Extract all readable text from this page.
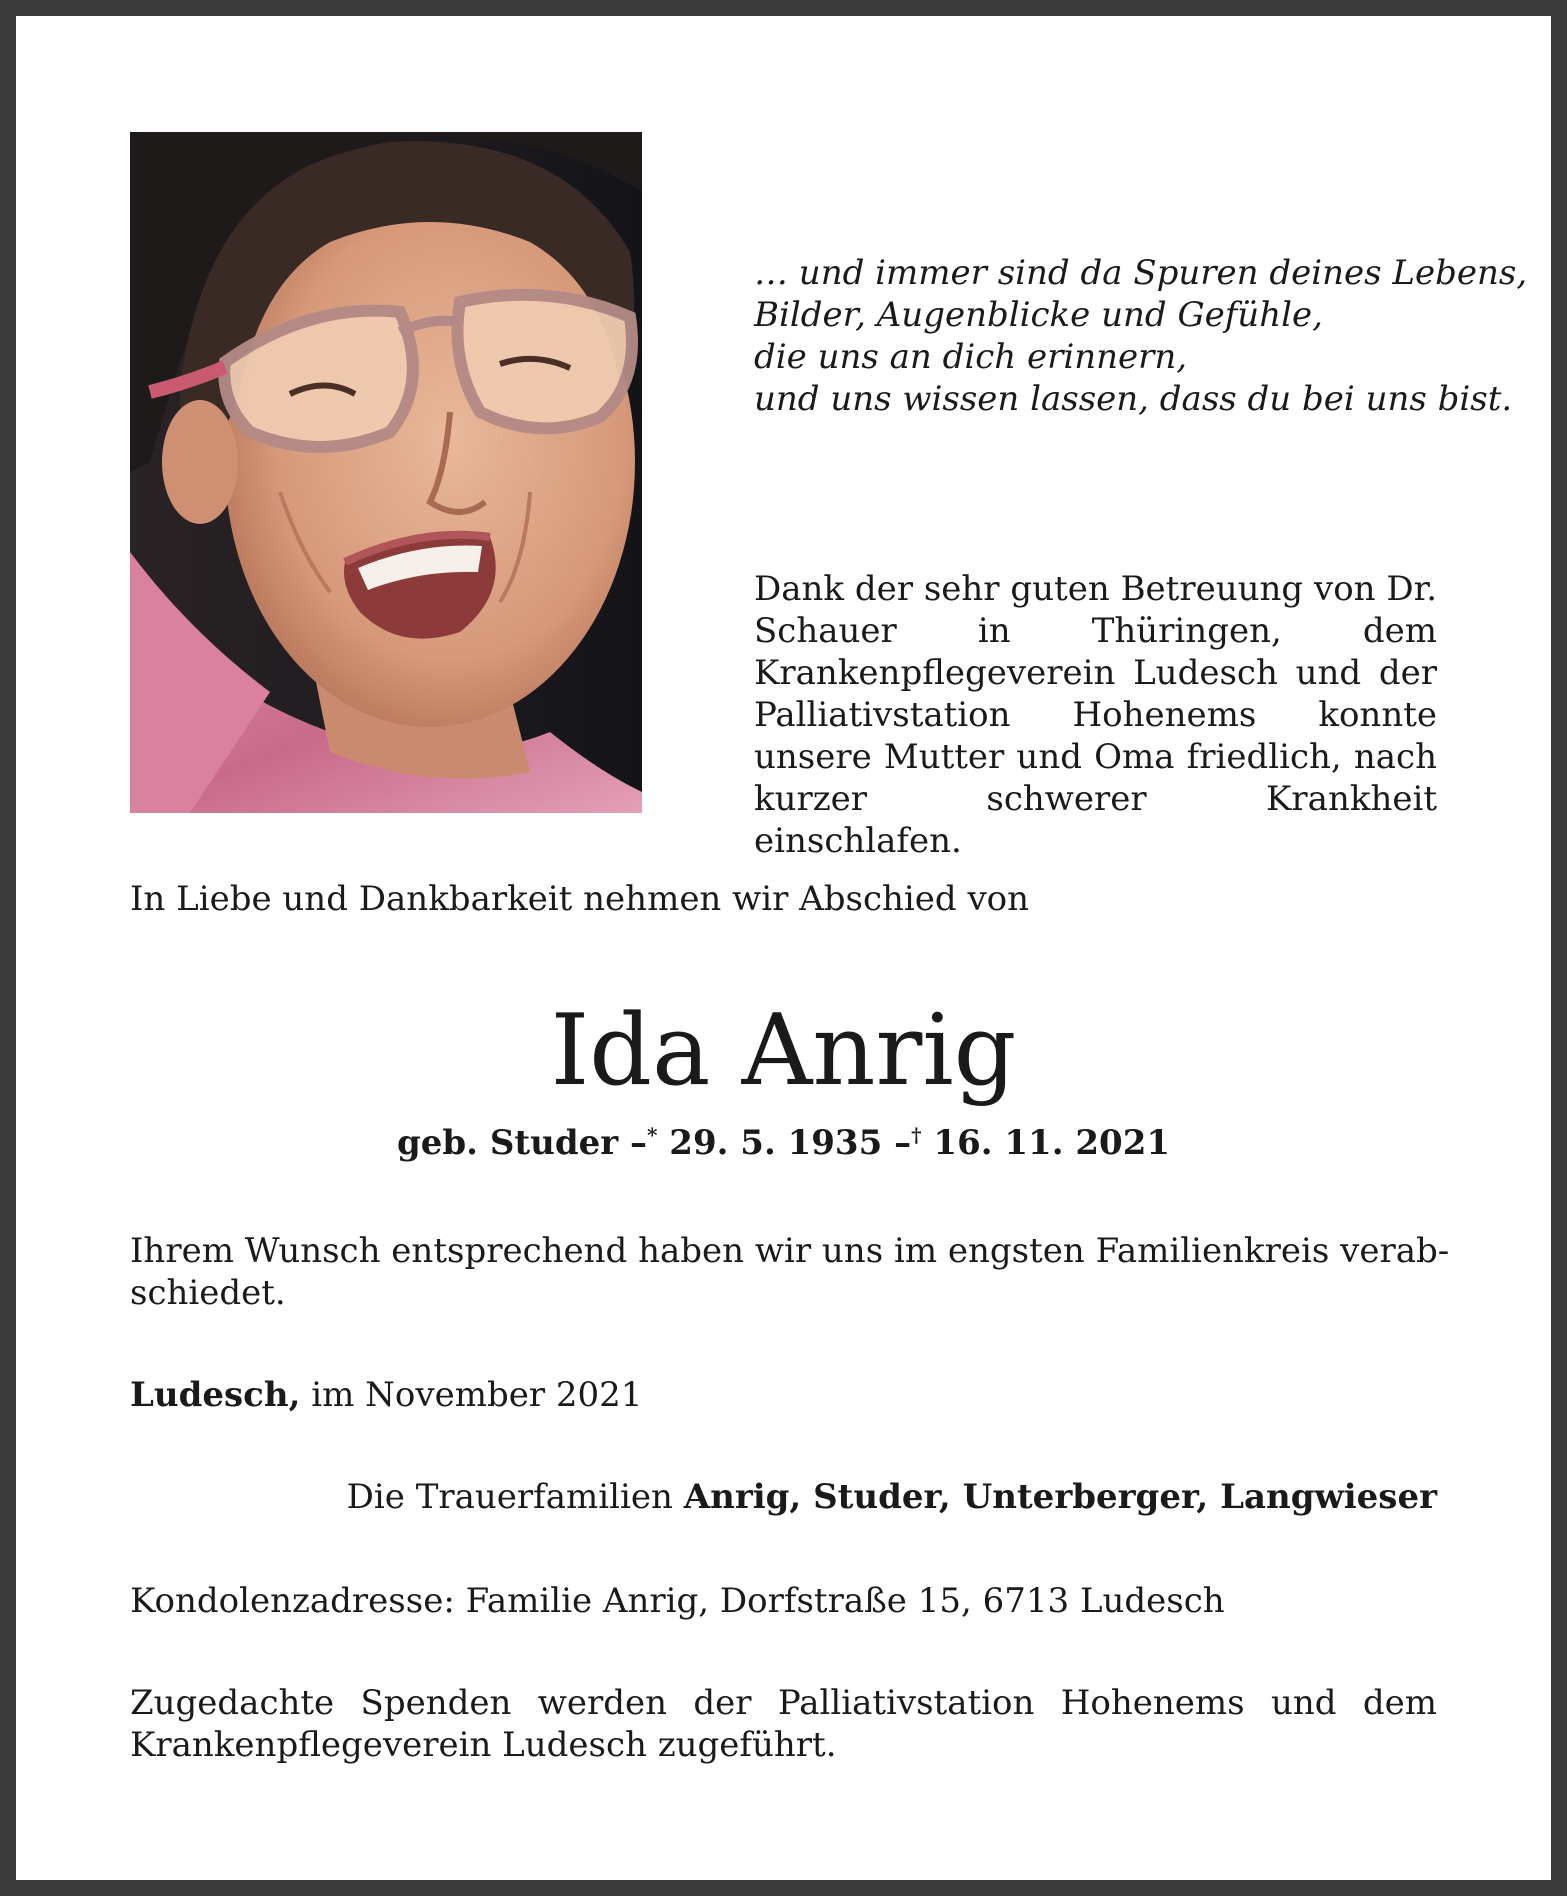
… und immer sind da Spuren deines Lebens,
Bilder, Augenblicke und Gefühle,
die uns an dich erinnern,
und uns wissen lassen, dass du bei uns bist.

Dank der sehr guten Betreuung von Dr. Schauer in Thüringen, dem Krankenpflegeverein Ludesch und der Palliativstation Hohenems konnte unsere Mutter und Oma friedlich, nach kurzer schwerer Krankheit einschlafen.

In Liebe und Dankbarkeit nehmen wir Abschied von

Ida Anrig

geb. Studer –* 29. 5. 1935 –† 16. 11. 2021

Ihrem Wunsch entsprechend haben wir uns im engsten Familienkreis verab-
schiedet.

Ludesch, im November 2021

Die Trauerfamilien Anrig, Studer, Unterberger, Langwieser

Kondolenzadresse: Familie Anrig, Dorfstraße 15, 6713 Ludesch

Zugedachte Spenden werden der Palliativstation Hohenems und dem
Krankenpflegeverein Ludesch zugeführt.
